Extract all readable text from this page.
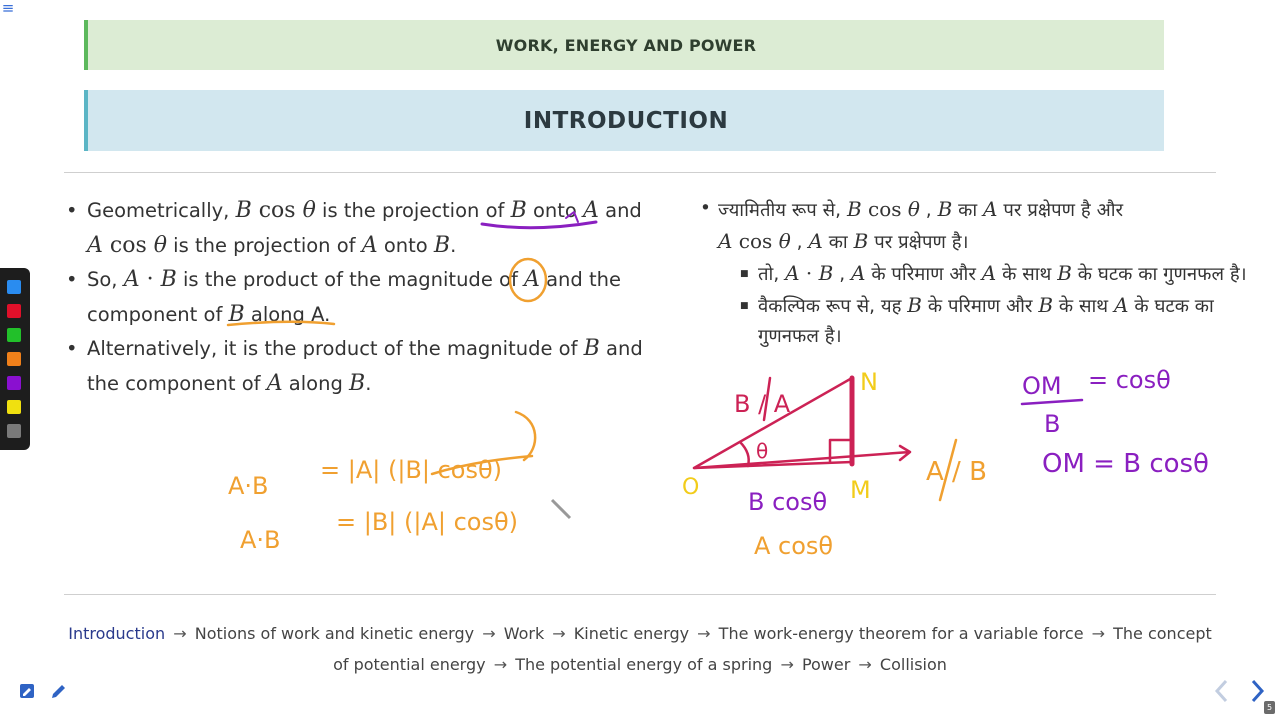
≡
WORK, ENERGY AND POWER
INTRODUCTION
• Geometrically, B cos θ is the projection of B onto A and
A cos θ is the projection of A onto B.
• So, A · B is the product of the magnitude of A and the component of B along A.
• Alternatively, it is the product of the magnitude of B and the component of A along B.
• ज्यामितीय रूप से, B cos θ , B का A पर प्रक्षेपण है और
A cos θ , A का B पर प्रक्षेपण है।
■ तो, A · B , A के परिमाण और A के साथ B के घटक का गुणनफल है।
■ वैकल्पिक रूप से, यह B के परिमाण और B के साथ A के घटक का गुणनफल है।
A·B
= |A| (|B| cosθ)
A·B
= |B| (|A| cosθ)
B / A
θ
O
N
M
A / B
B cosθ
A cosθ
OM
B
= cosθ
OM = B cosθ
Introduction → Notions of work and kinetic energy → Work → Kinetic energy → The work-energy theorem for a variable force → The concept of potential energy → The potential energy of a spring → Power → Collision
5
